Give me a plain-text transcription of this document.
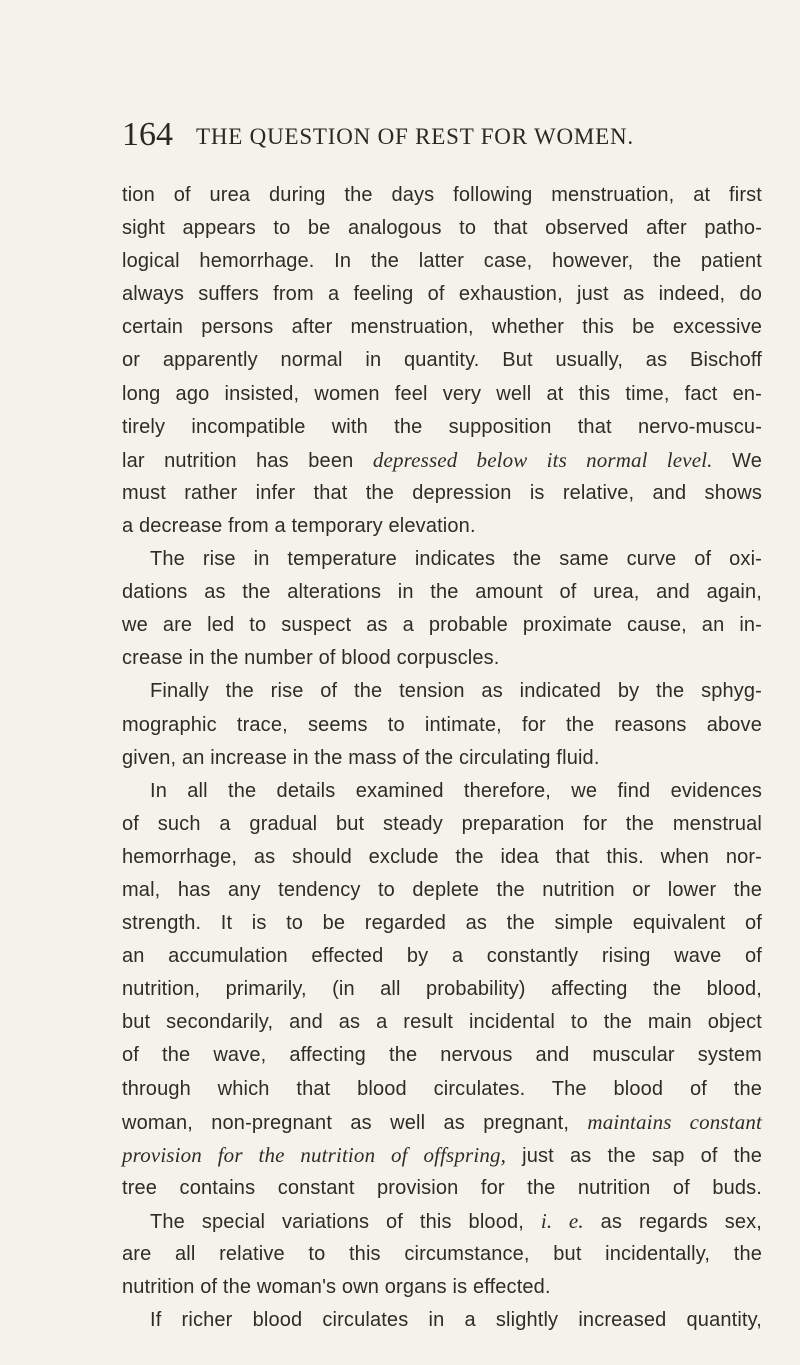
164 THE QUESTION OF REST FOR WOMEN.
tion of urea during the days following menstruation, at first
sight appears to be analogous to that observed after patho-
logical hemorrhage. In the latter case, however, the patient
always suffers from a feeling of exhaustion, just as indeed, do
certain persons after menstruation, whether this be excessive
or apparently normal in quantity. But usually, as Bischoff
long ago insisted, women feel very well at this time, fact en-
tirely incompatible with the supposition that nervo-muscu-
lar nutrition has been depressed below its normal level. We
must rather infer that the depression is relative, and shows
a decrease from a temporary elevation.
The rise in temperature indicates the same curve of oxi-
dations as the alterations in the amount of urea, and again,
we are led to suspect as a probable proximate cause, an in-
crease in the number of blood corpuscles.
Finally the rise of the tension as indicated by the sphyg-
mographic trace, seems to intimate, for the reasons above
given, an increase in the mass of the circulating fluid.
In all the details examined therefore, we find evidences
of such a gradual but steady preparation for the menstrual
hemorrhage, as should exclude the idea that this. when nor-
mal, has any tendency to deplete the nutrition or lower the
strength. It is to be regarded as the simple equivalent of
an accumulation effected by a constantly rising wave of
nutrition, primarily, (in all probability) affecting the blood,
but secondarily, and as a result incidental to the main object
of the wave, affecting the nervous and muscular system
through which that blood circulates. The blood of the
woman, non-pregnant as well as pregnant, maintains constant
provision for the nutrition of offspring, just as the sap of the
tree contains constant provision for the nutrition of buds.
The special variations of this blood, i. e. as regards sex,
are all relative to this circumstance, but incidentally, the
nutrition of the woman's own organs is effected.
If richer blood circulates in a slightly increased quantity,
